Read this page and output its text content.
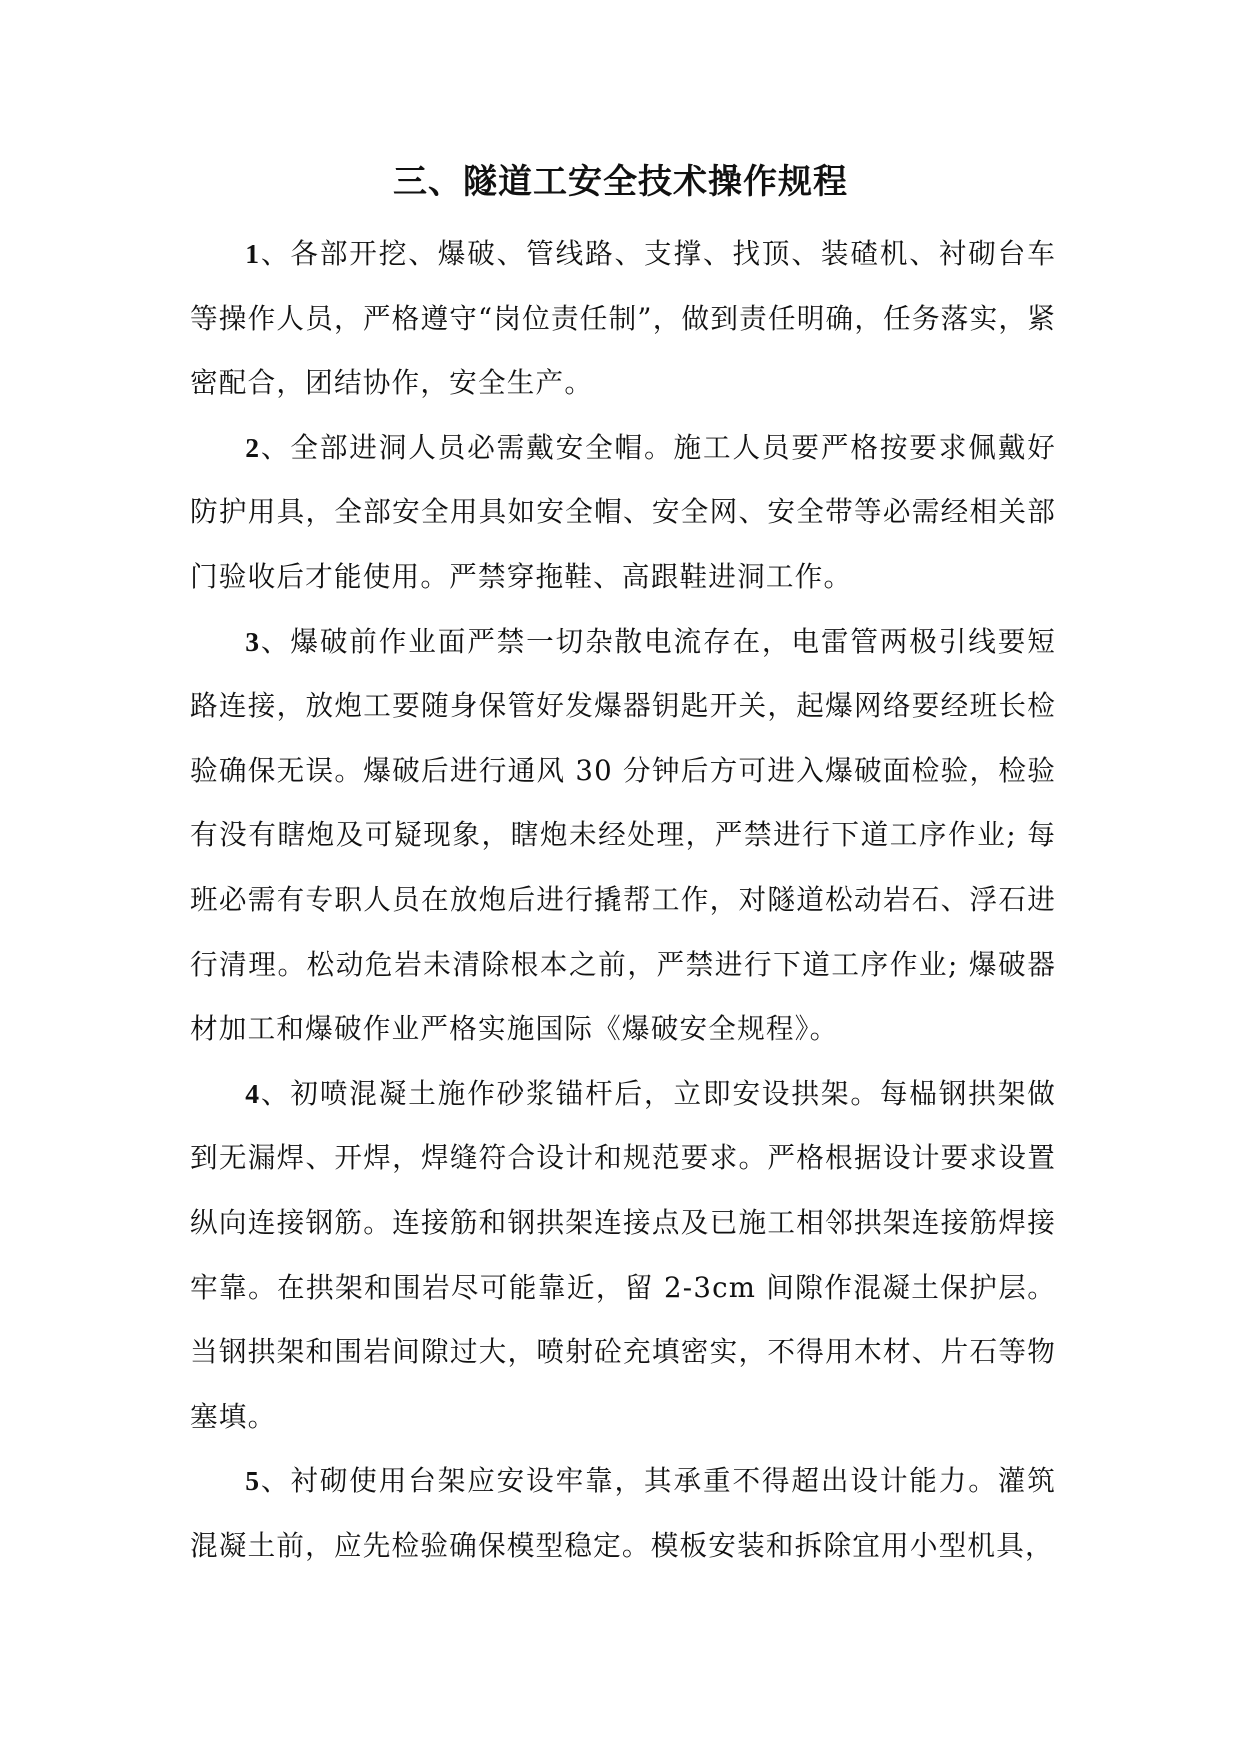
三、隧道工安全技术操作规程

1、各部开挖、爆破、管线路、支撑、找顶、装碴机、衬砌台车等操作人员，严格遵守“岗位责任制”，做到责任明确，任务落实，紧密配合，团结协作，安全生产。

2、全部进洞人员必需戴安全帽。施工人员要严格按要求佩戴好防护用具，全部安全用具如安全帽、安全网、安全带等必需经相关部门验收后才能使用。严禁穿拖鞋、高跟鞋进洞工作。

3、爆破前作业面严禁一切杂散电流存在，电雷管两极引线要短路连接，放炮工要随身保管好发爆器钥匙开关，起爆网络要经班长检验确保无误。爆破后进行通风 30 分钟后方可进入爆破面检验，检验有没有瞎炮及可疑现象，瞎炮未经处理，严禁进行下道工序作业; 每班必需有专职人员在放炮后进行撬帮工作，对隧道松动岩石、浮石进行清理。松动危岩未清除根本之前，严禁进行下道工序作业; 爆破器材加工和爆破作业严格实施国际《爆破安全规程》。

4、初喷混凝土施作砂浆锚杆后，立即安设拱架。每榀钢拱架做到无漏焊、开焊，焊缝符合设计和规范要求。严格根据设计要求设置纵向连接钢筋。连接筋和钢拱架连接点及已施工相邻拱架连接筋焊接牢靠。在拱架和围岩尽可能靠近，留 2-3cm 间隙作混凝土保护层。当钢拱架和围岩间隙过大，喷射砼充填密实，不得用木材、片石等物塞填。

5、衬砌使用台架应安设牢靠，其承重不得超出设计能力。灌筑混凝土前，应先检验确保模型稳定。模板安装和拆除宜用小型机具，
